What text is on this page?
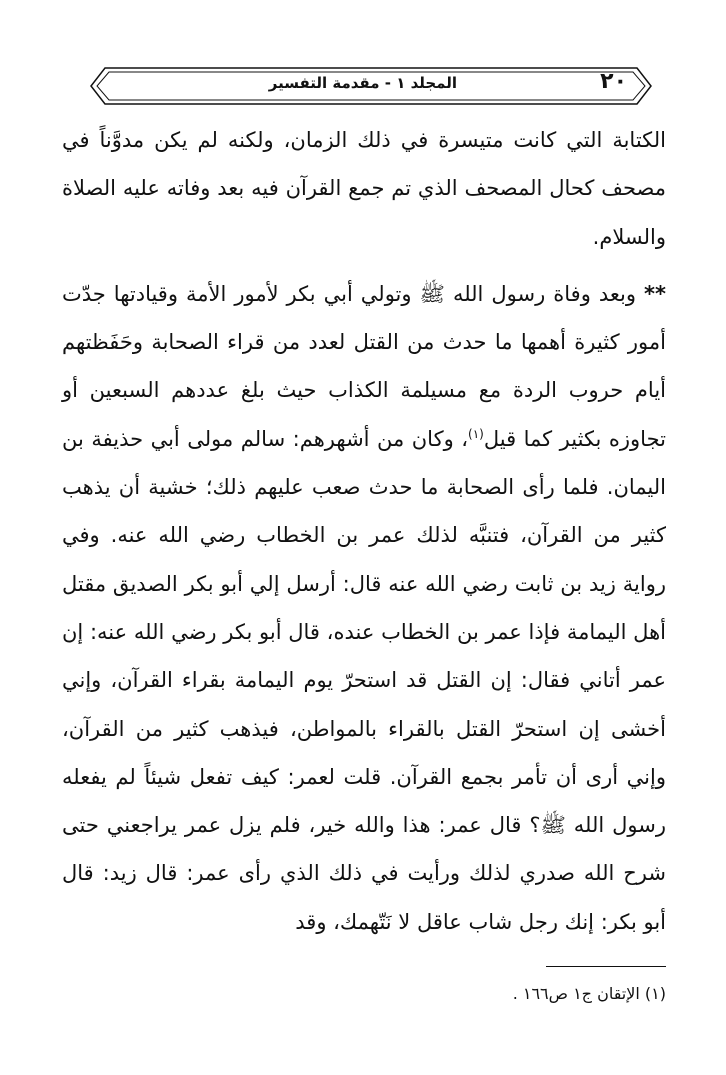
٢٠
المجلد ١ - مقدمة التفسير

الكتابة التي كانت متيسرة في ذلك الزمان، ولكنه لم يكن مدوَّناً في مصحف كحال المصحف الذي تم جمع القرآن فيه بعد وفاته عليه الصلاة والسلام.

** وبعد وفاة رسول الله ﷺ وتولي أبي بكر لأمور الأمة وقيادتها جدّت أمور كثيرة أهمها ما حدث من القتل لعدد من قراء الصحابة وحَفَظتهم أيام حروب الردة مع مسيلمة الكذاب حيث بلغ عددهم السبعين أو تجاوزه بكثير كما قيل$^{(١)}$، وكان من أشهرهم: سالم مولى أبي حذيفة بن اليمان. فلما رأى الصحابة ما حدث صعب عليهم ذلك؛ خشية أن يذهب كثير من القرآن، فتنبَّه لذلك عمر بن الخطاب رضي الله عنه. وفي رواية زيد بن ثابت رضي الله عنه قال: أرسل إلي أبو بكر الصديق مقتل أهل اليمامة فإذا عمر بن الخطاب عنده، قال أبو بكر رضي الله عنه: إن عمر أتاني فقال: إن القتل قد استحرّ يوم اليمامة بقراء القرآن، وإني أخشى إن استحرّ القتل بالقراء بالمواطن، فيذهب كثير من القرآن، وإني أرى أن تأمر بجمع القرآن. قلت لعمر: كيف تفعل شيئاً لم يفعله رسول الله ﷺ؟ قال عمر: هذا والله خير، فلم يزل عمر يراجعني حتى شرح الله صدري لذلك ورأيت في ذلك الذي رأى عمر: قال زيد: قال أبو بكر: إنك رجل شاب عاقل لا نَتّهمك، وقد

(١) الإتقان ج١ ص١٦٦ .
